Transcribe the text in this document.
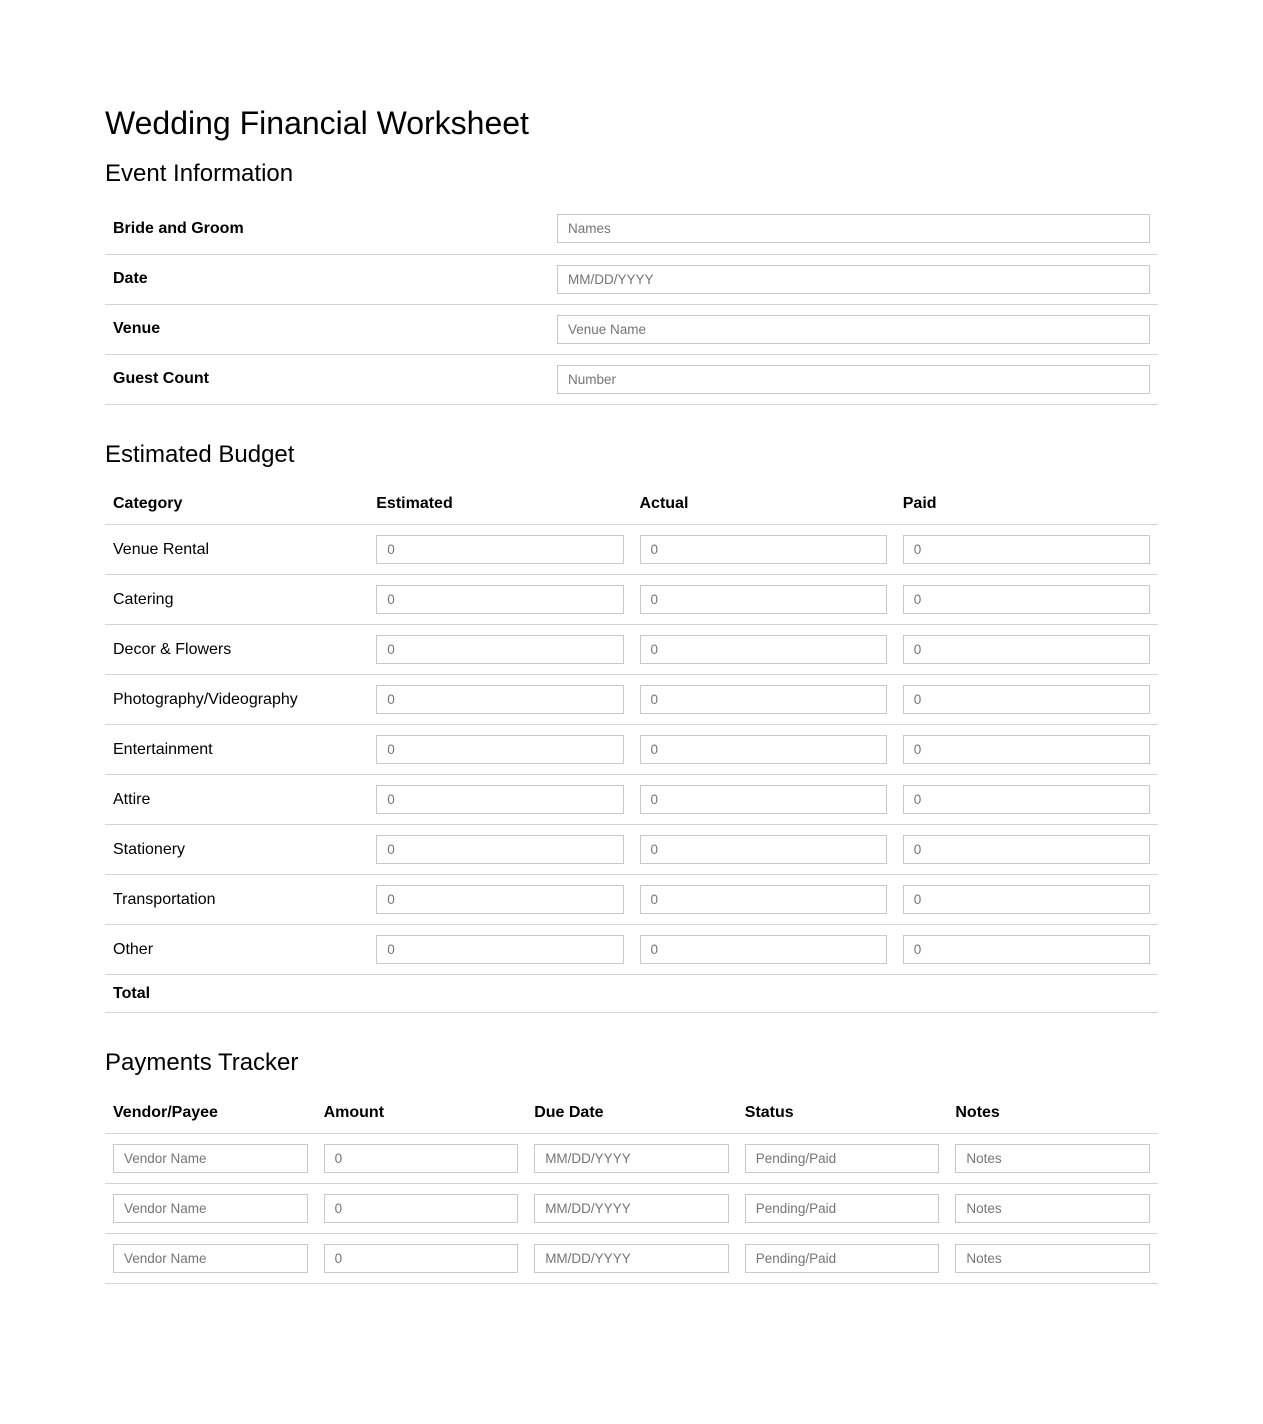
Wedding Financial Worksheet
Event Information
Bride and Groom	Names
Date	MM/DD/YYYY
Venue	Venue Name
Guest Count	Number
Estimated Budget
Category	Estimated	Actual	Paid
Venue Rental	0	0	0
Catering	0	0	0
Decor & Flowers	0	0	0
Photography/Videography	0	0	0
Entertainment	0	0	0
Attire	0	0	0
Stationery	0	0	0
Transportation	0	0	0
Other	0	0	0
Total			
Payments Tracker
Vendor/Payee	Amount	Due Date	Status	Notes
Vendor Name	0	MM/DD/YYYY	Pending/Paid	Notes
Vendor Name	0	MM/DD/YYYY	Pending/Paid	Notes
Vendor Name	0	MM/DD/YYYY	Pending/Paid	Notes
